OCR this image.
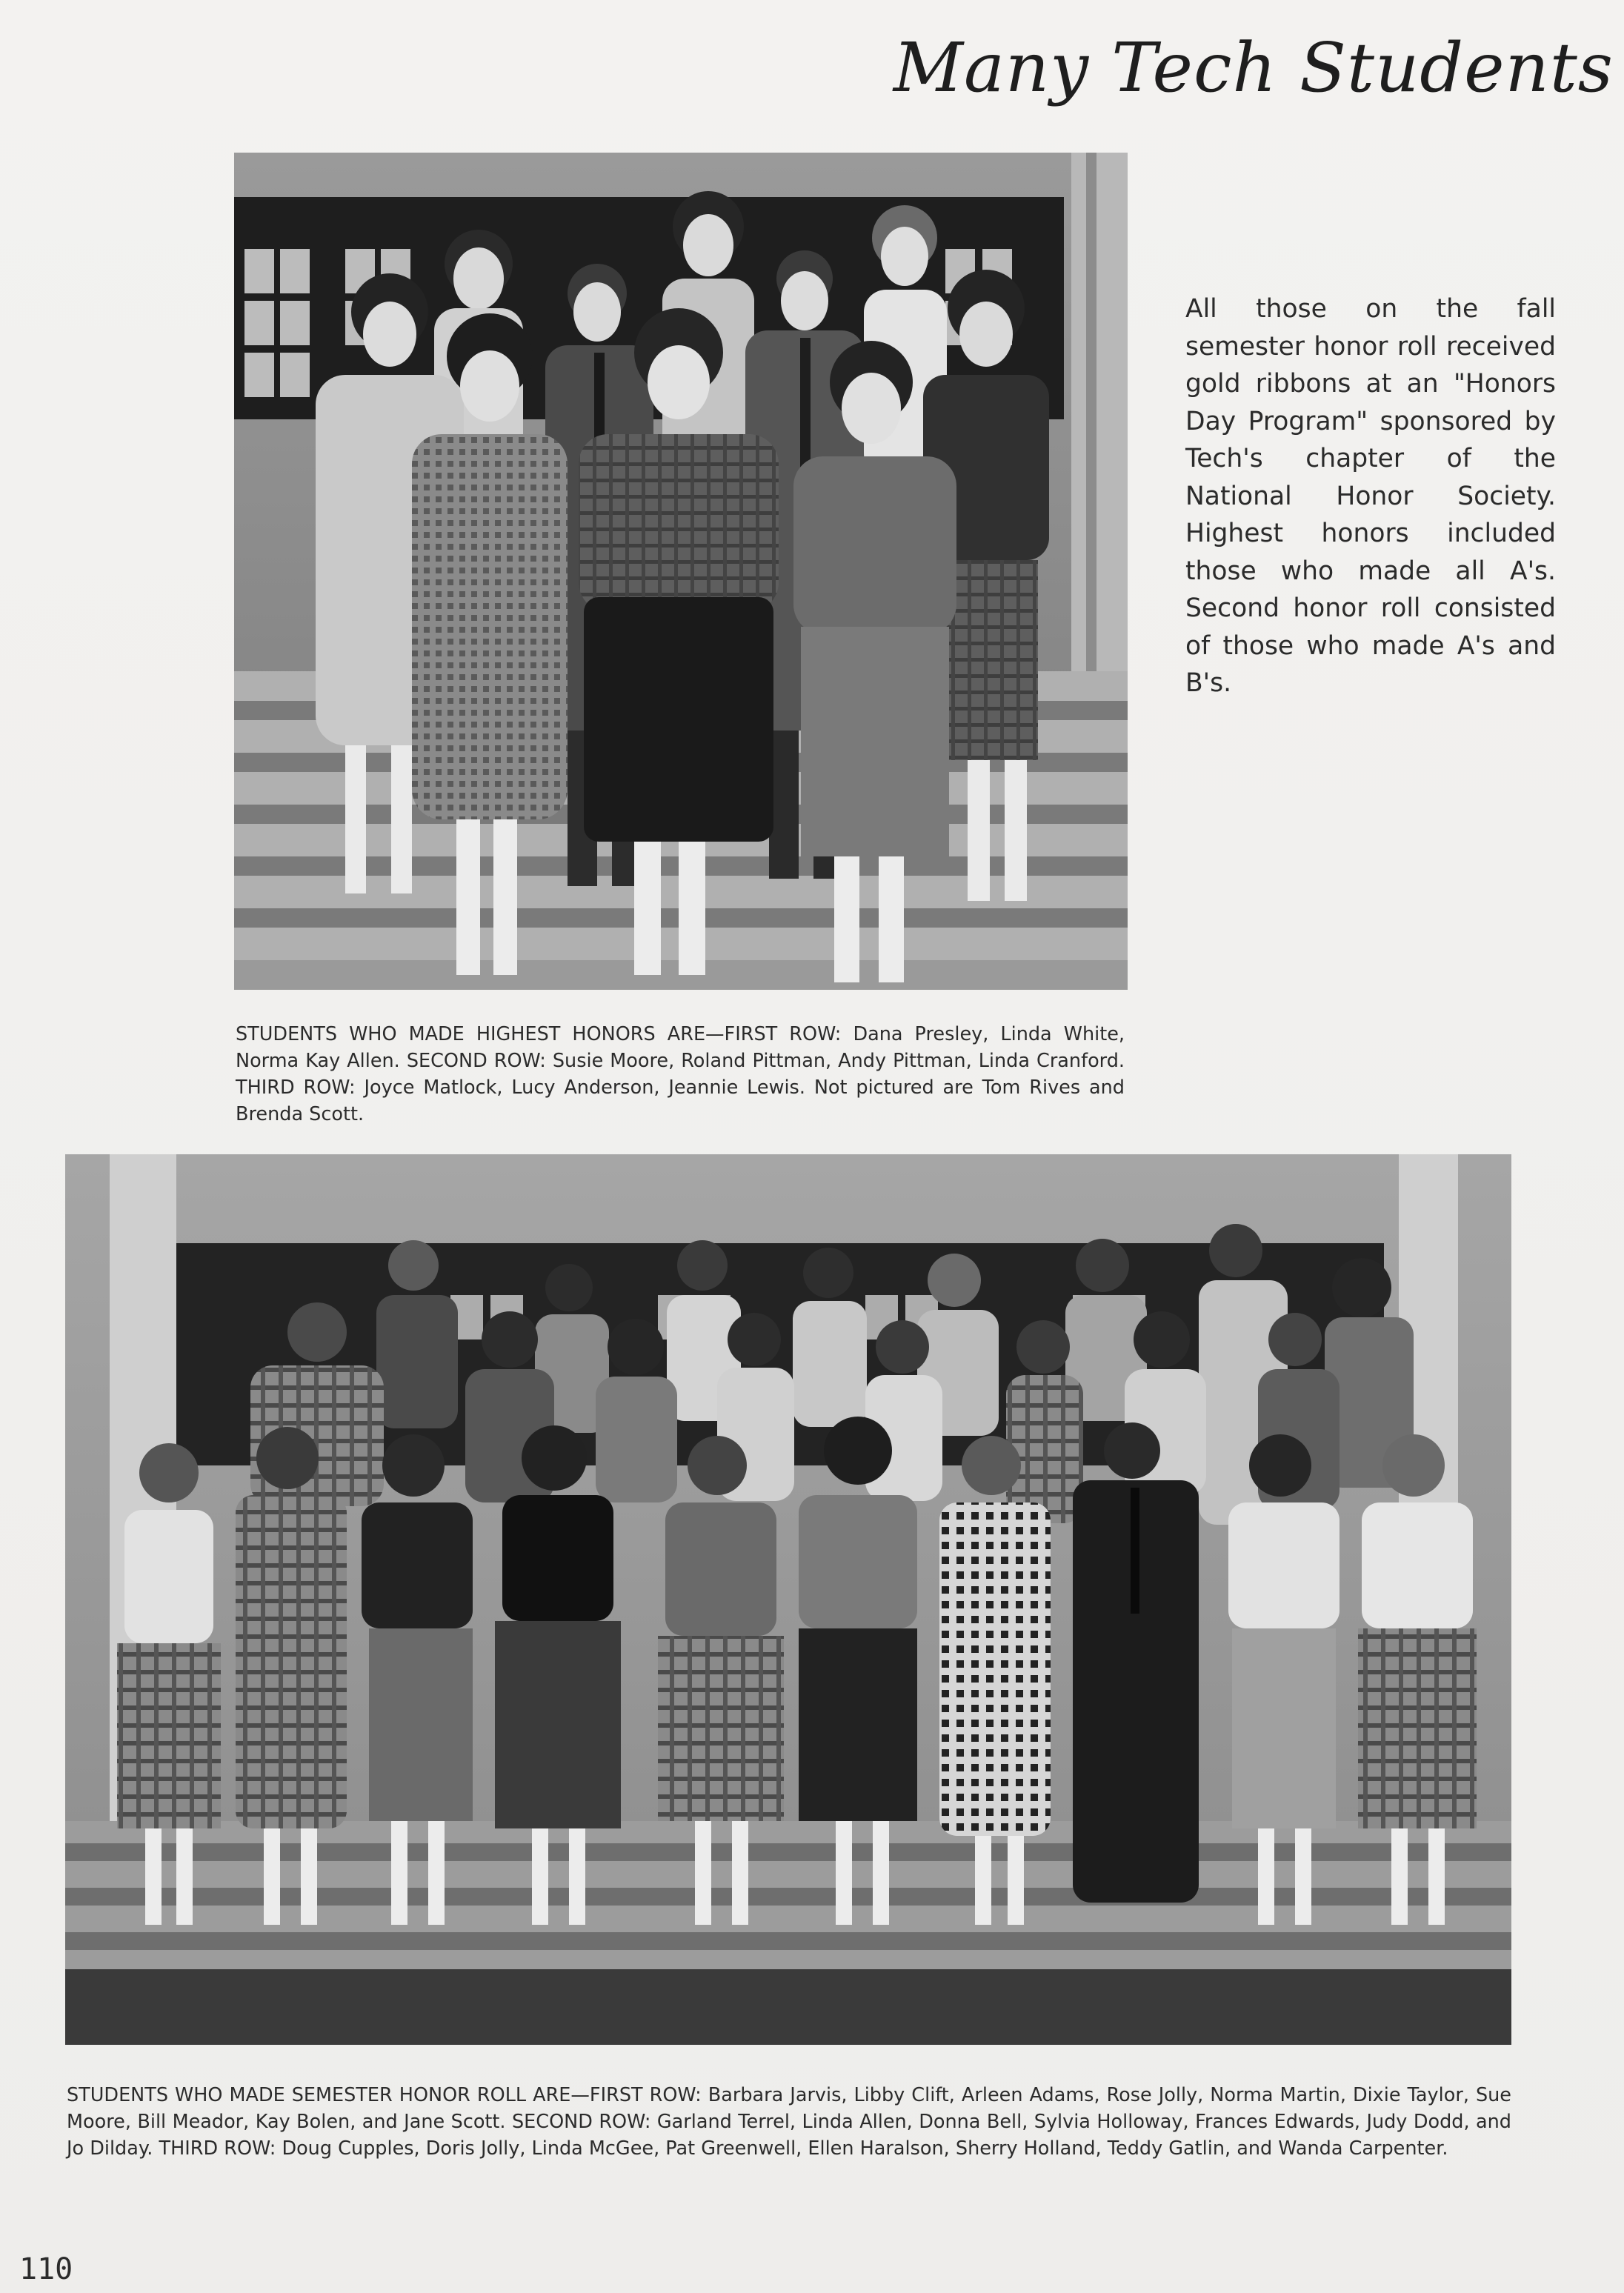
Many Tech Students

All those on the fall semester honor roll received gold ribbons at an "Honors Day Program" sponsored by Tech's chapter of the National Honor Society. Highest honors included those who made all A's. Second honor roll consisted of those who made A's and B's.

STUDENTS WHO MADE HIGHEST HONORS ARE—FIRST ROW: Dana Presley, Linda White, Norma Kay Allen. SECOND ROW: Susie Moore, Roland Pittman, Andy Pittman, Linda Cranford. THIRD ROW: Joyce Matlock, Lucy Anderson, Jeannie Lewis. Not pictured are Tom Rives and Brenda Scott.

STUDENTS WHO MADE SEMESTER HONOR ROLL ARE—FIRST ROW: Barbara Jarvis, Libby Clift, Arleen Adams, Rose Jolly, Norma Martin, Dixie Taylor, Sue Moore, Bill Meador, Kay Bolen, and Jane Scott. SECOND ROW: Garland Terrel, Linda Allen, Donna Bell, Sylvia Holloway, Frances Edwards, Judy Dodd, and Jo Dilday. THIRD ROW: Doug Cupples, Doris Jolly, Linda McGee, Pat Greenwell, Ellen Haralson, Sherry Holland, Teddy Gatlin, and Wanda Carpenter.

110
